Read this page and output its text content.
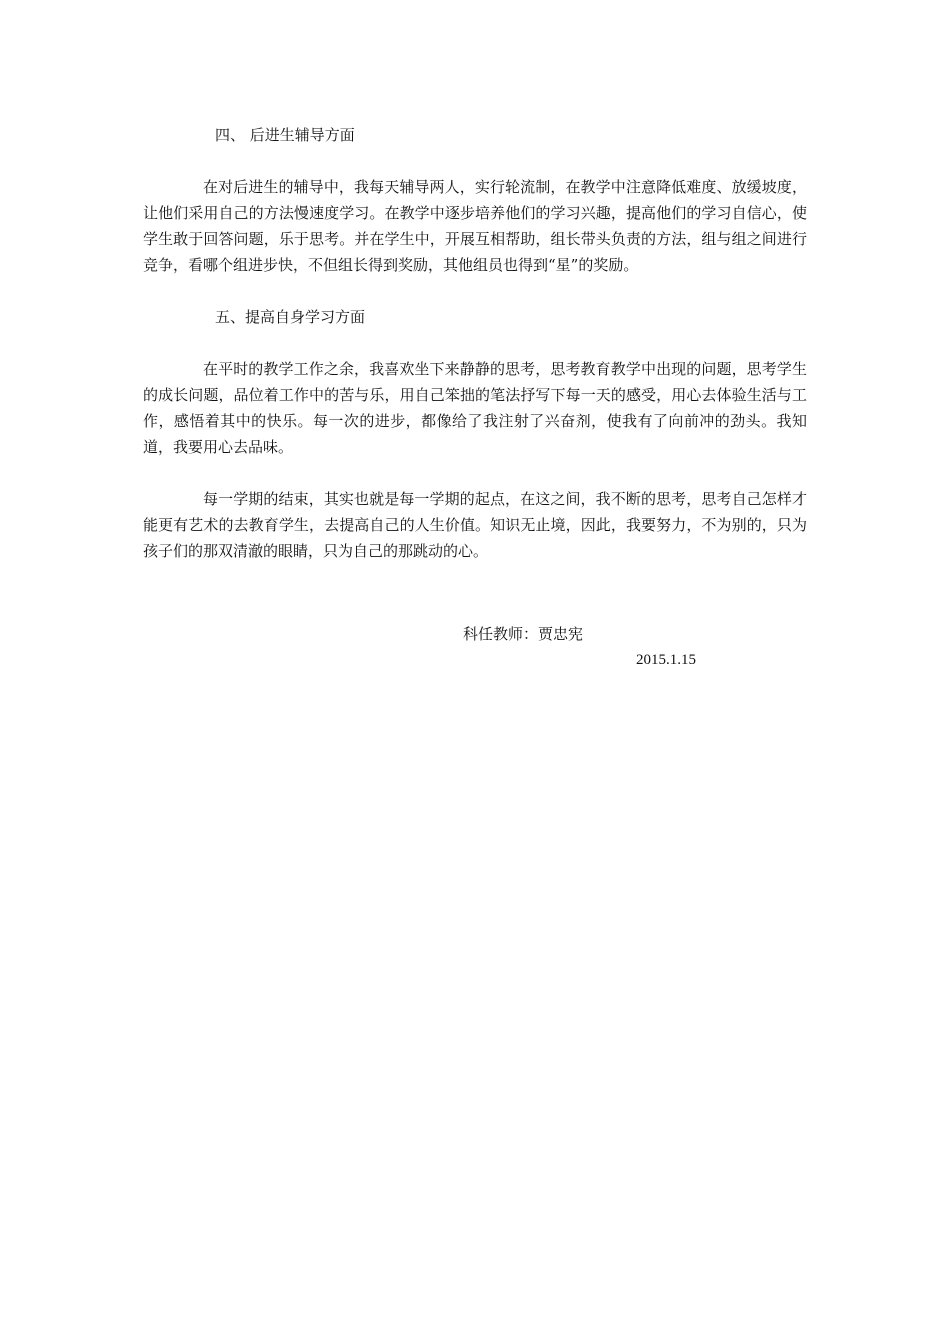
四、 后进生辅导方面

在对后进生的辅导中，我每天辅导两人，实行轮流制，在教学中注意降低难度、放缓坡度，让他们采用自己的方法慢速度学习。在教学中逐步培养他们的学习兴趣，提高他们的学习自信心，使学生敢于回答问题，乐于思考。并在学生中，开展互相帮助，组长带头负责的方法，组与组之间进行竞争，看哪个组进步快，不但组长得到奖励，其他组员也得到“星”的奖励。

五、提高自身学习方面

在平时的教学工作之余，我喜欢坐下来静静的思考，思考教育教学中出现的问题，思考学生的成长问题，品位着工作中的苦与乐，用自己笨拙的笔法抒写下每一天的感受，用心去体验生活与工作，感悟着其中的快乐。每一次的进步，都像给了我注射了兴奋剂，使我有了向前冲的劲头。我知道，我要用心去品味。

每一学期的结束，其实也就是每一学期的起点，在这之间，我不断的思考，思考自己怎样才能更有艺术的去教育学生，去提高自己的人生价值。知识无止境，因此，我要努力，不为别的，只为孩子们的那双清澈的眼睛，只为自己的那跳动的心。

科任教师：贾忠宪

2015.1.15
